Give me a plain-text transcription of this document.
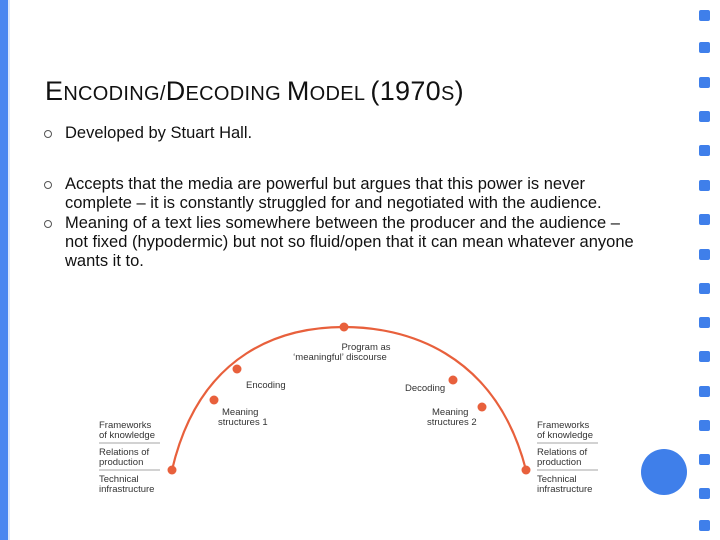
ENCODING/DECODING MODEL (1970S)
Developed by Stuart Hall.
Accepts that the media are powerful but argues that this power is never complete – it is constantly struggled for and negotiated with the audience.
Meaning of a text lies somewhere between the producer and the audience – not fixed (hypodermic) but not so fluid/open that it can mean whatever anyone wants it to.
Program as
‘meaningful’ discourse
Encoding	Decoding
Meaning
structures 1
Meaning
structures 2
Frameworks
of knowledge
Relations of
production
Technical
infrastructure
Frameworks
of knowledge
Relations of
production
Technical
infrastructure
